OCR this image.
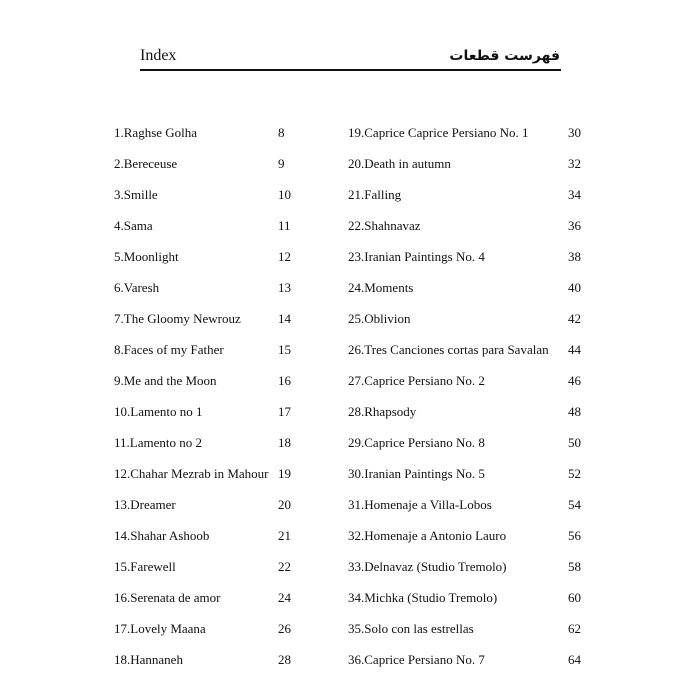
Index	فهرست قطعات
1.Raghse Golha	8
2.Bereceuse	9
3.Smille	10
4.Sama	11
5.Moonlight	12
6.Varesh	13
7.The Gloomy Newrouz	14
8.Faces of my Father	15
9.Me and the Moon	16
10.Lamento no 1	17
11.Lamento no 2	18
12.Chahar Mezrab in Mahour 19
13.Dreamer	20
14.Shahar Ashoob	21
15.Farewell	22
16.Serenata de amor	24
17.Lovely Maana	26
18.Hannaneh	28
19.Caprice Caprice Persiano No. 1	30
20.Death in autumn	32
21.Falling	34
22.Shahnavaz	36
23.Iranian Paintings No. 4	38
24.Moments	40
25.Oblivion	42
26.Tres Canciones cortas para Savalan 44
27.Caprice Persiano No. 2	46
28.Rhapsody	48
29.Caprice Persiano No. 8	50
30.Iranian Paintings No. 5	52
31.Homenaje a Villa-Lobos	54
32.Homenaje a Antonio Lauro	56
33.Delnavaz (Studio Tremolo)	58
34.Michka (Studio Tremolo)	60
35.Solo con las estrellas	62
36.Caprice Persiano No. 7	64
